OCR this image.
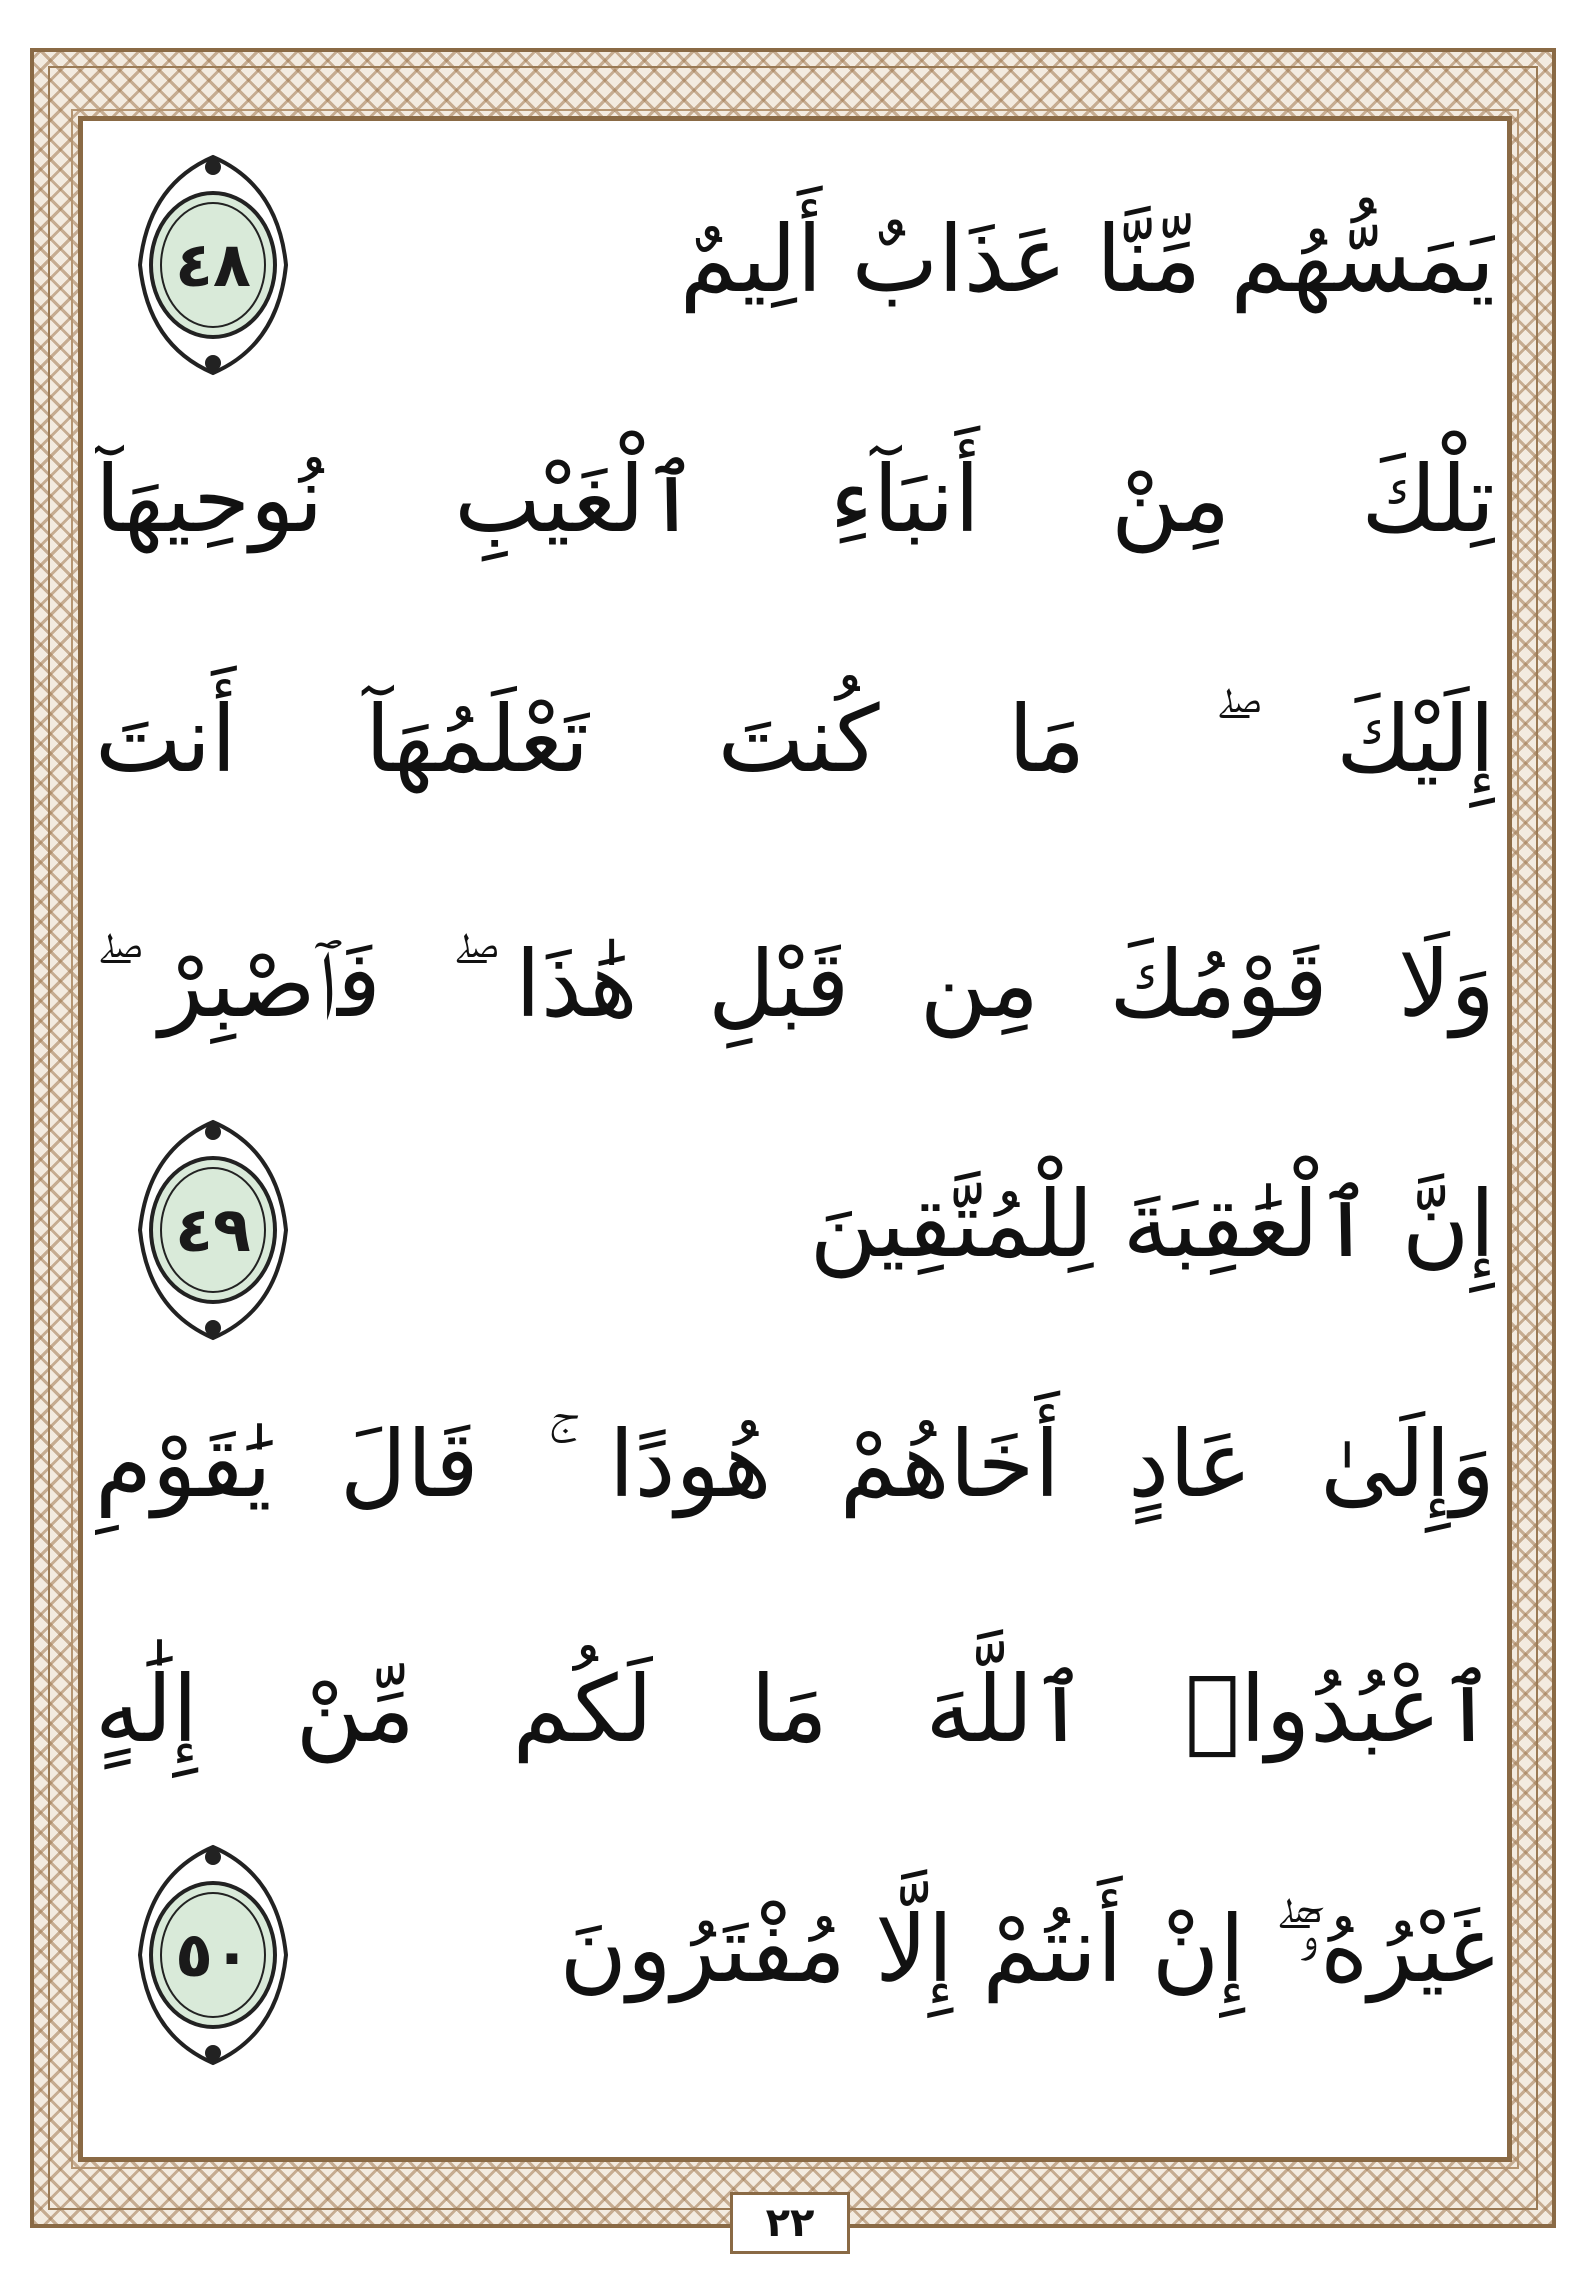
يَمَسُّهُم مِّنَّا عَذَابٌ أَلِيمٌ
٤٨
تِلْكَ مِنْ أَنبَآءِ ٱلْغَيْبِ نُوحِيهَآ
إِلَيْكَ ۖ مَا كُنتَ تَعْلَمُهَآ أَنتَ
وَلَا قَوْمُكَ مِن قَبْلِ هَٰذَا ۖ فَٱصْبِرْ ۖ
إِنَّ ٱلْعَٰقِبَةَ لِلْمُتَّقِينَ
٤٩
وَإِلَىٰ عَادٍ أَخَاهُمْ هُودًا ۚ قَالَ يَٰقَوْمِ
ٱعْبُدُوا۟ ٱللَّهَ مَا لَكُم مِّنْ إِلَٰهٍ
غَيْرُهُۥٓ ۖ إِنْ أَنتُمْ إِلَّا مُفْتَرُونَ
٥٠
٢٢
